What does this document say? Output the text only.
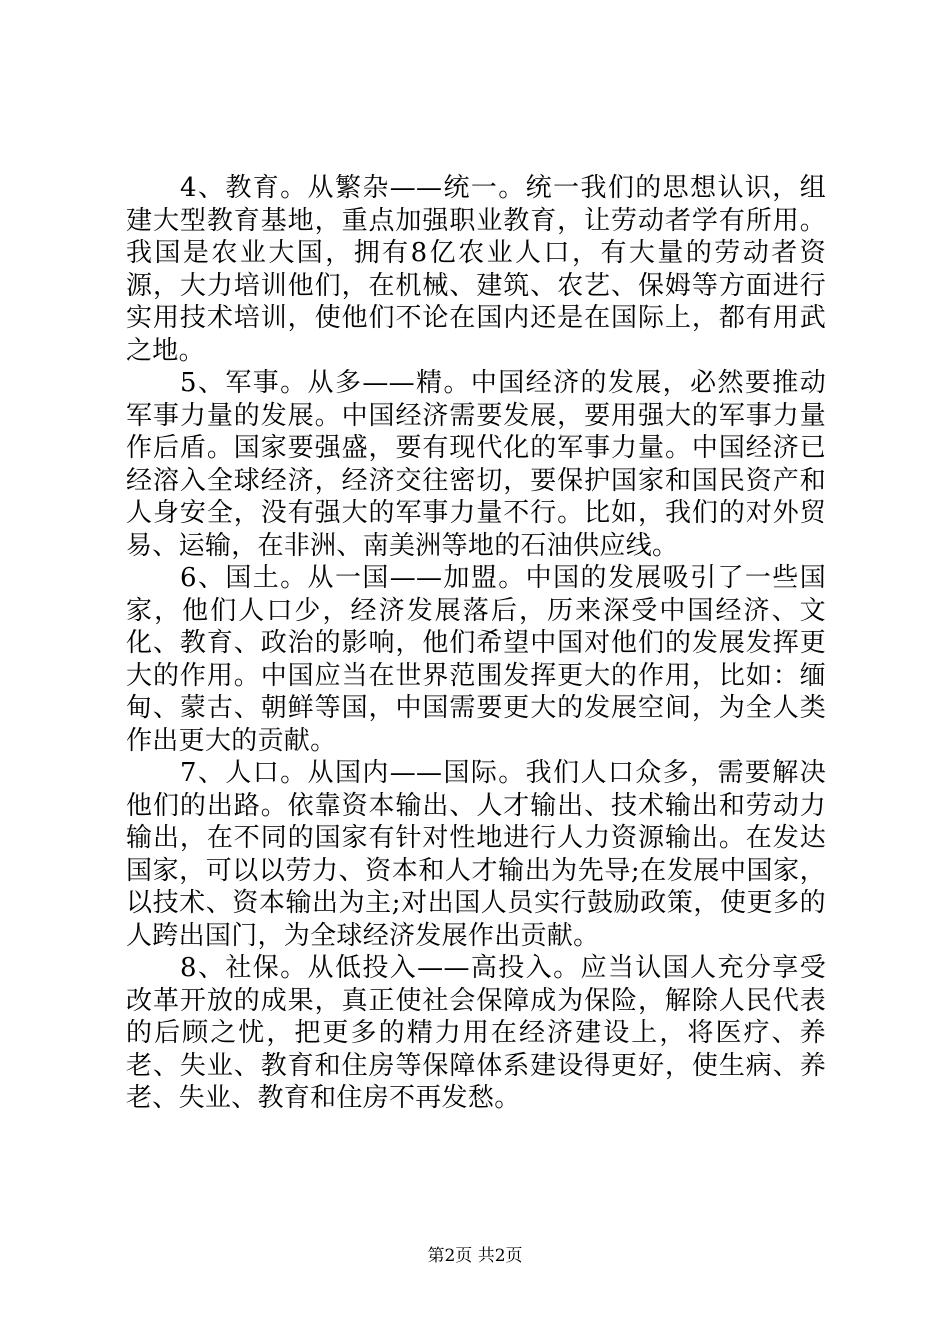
4、教育。从繁杂——统一。统一我们的思想认识，组建大型教育基地，重点加强职业教育，让劳动者学有所用。我国是农业大国，拥有8亿农业人口，有大量的劳动者资源，大力培训他们，在机械、建筑、农艺、保姆等方面进行实用技术培训，使他们不论在国内还是在国际上，都有用武之地。

5、军事。从多——精。中国经济的发展，必然要推动军事力量的发展。中国经济需要发展，要用强大的军事力量作后盾。国家要强盛，要有现代化的军事力量。中国经济已经溶入全球经济，经济交往密切，要保护国家和国民资产和人身安全，没有强大的军事力量不行。比如，我们的对外贸易、运输，在非洲、南美洲等地的石油供应线。

6、国土。从一国——加盟。中国的发展吸引了一些国家，他们人口少，经济发展落后，历来深受中国经济、文化、教育、政治的影响，他们希望中国对他们的发展发挥更大的作用。中国应当在世界范围发挥更大的作用，比如：缅甸、蒙古、朝鲜等国，中国需要更大的发展空间，为全人类作出更大的贡献。

7、人口。从国内——国际。我们人口众多，需要解决他们的出路。依靠资本输出、人才输出、技术输出和劳动力输出，在不同的国家有针对性地进行人力资源输出。在发达国家，可以以劳力、资本和人才输出为先导;在发展中国家，以技术、资本输出为主;对出国人员实行鼓励政策，使更多的人跨出国门，为全球经济发展作出贡献。

8、社保。从低投入——高投入。应当认国人充分享受改革开放的成果，真正使社会保障成为保险，解除人民代表的后顾之忧，把更多的精力用在经济建设上，将医疗、养老、失业、教育和住房等保障体系建设得更好，使生病、养老、失业、教育和住房不再发愁。

第2页 共2页
